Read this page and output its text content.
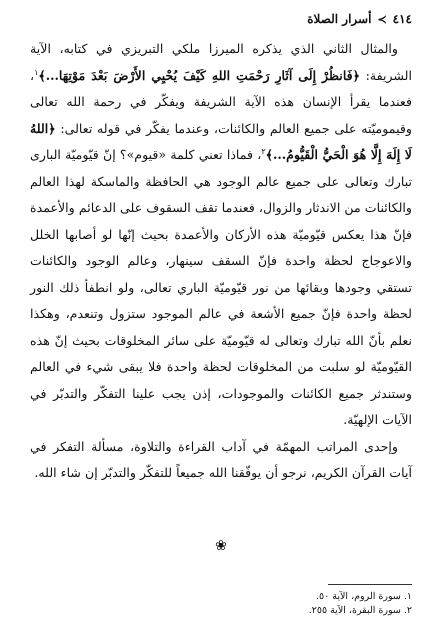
٤١٤
≻
أسرار الصلاة

والمثال الثاني الذي يذكره الميرزا ملكي التبريزي في كتابه، الآية الشريفة: ﴿فَانظُرْ إِلَى آثَارِ رَحْمَتِ اللهِ كَيْفَ يُحْيِي الأَرْضَ بَعْدَ مَوْتِهَا...﴾$^١$، فعندما يقرأ الإنسان هذه الآية الشريفة ويفكّر في رحمة الله تعالى وقيموميّته على جميع العالم والكائنات، وعندما يفكّر في قوله تعالى: ﴿اللهُ لَا إِلَهَ إِلَّا هُوَ الْحَيُّ الْقَيُّومُ...﴾$^٢$، فماذا تعني كلمة «قيوم»؟ إنّ قيّوميّة البارى تبارك وتعالى على جميع عالم الوجود هي الحافظة والماسكة لهذا العالم والكائنات من الاندثار والزوال، فعندما تقف السقوف على الدعائم والأعمدة فإنّ هذا يعكس قيّوميّة هذه الأركان والأعمدة بحيث إنّها لو أصابها الخلل والاعوجاج لحظة واحدة فإنّ السقف سينهار، وعالم الوجود والكائنات تستقي وجودها وبقائها من نور قيّوميّة الباري تعالى، ولو انطفأ ذلك النور لحظة واحدة فإنّ جميع الأشعة في عالم الموجود ستزول وتنعدم، وهكذا نعلم بأنّ الله تبارك وتعالى له قيّوميّة على سائر المخلوقات بحيث إنّ هذه القيّوميّة لو سلبت من المخلوقات لحظة واحدة فلا يبقى شيء في العالم وستندثر جميع الكائنات والموجودات، إذن يجب علينا التفكّر والتدبّر في الآيات الإلهيّة.

وإحدى المراتب المهمّة في آداب القراءة والتلاوة، مسألة التفكر في آيات القرآن الكريم، نرجو أن يوفّقنا الله جميعاً للتفكّر والتدبّر إن شاء الله.

❀
١. سورة الروم، الآية ٥٠.
٢. سورة البقرة، الآية ٢٥٥.
